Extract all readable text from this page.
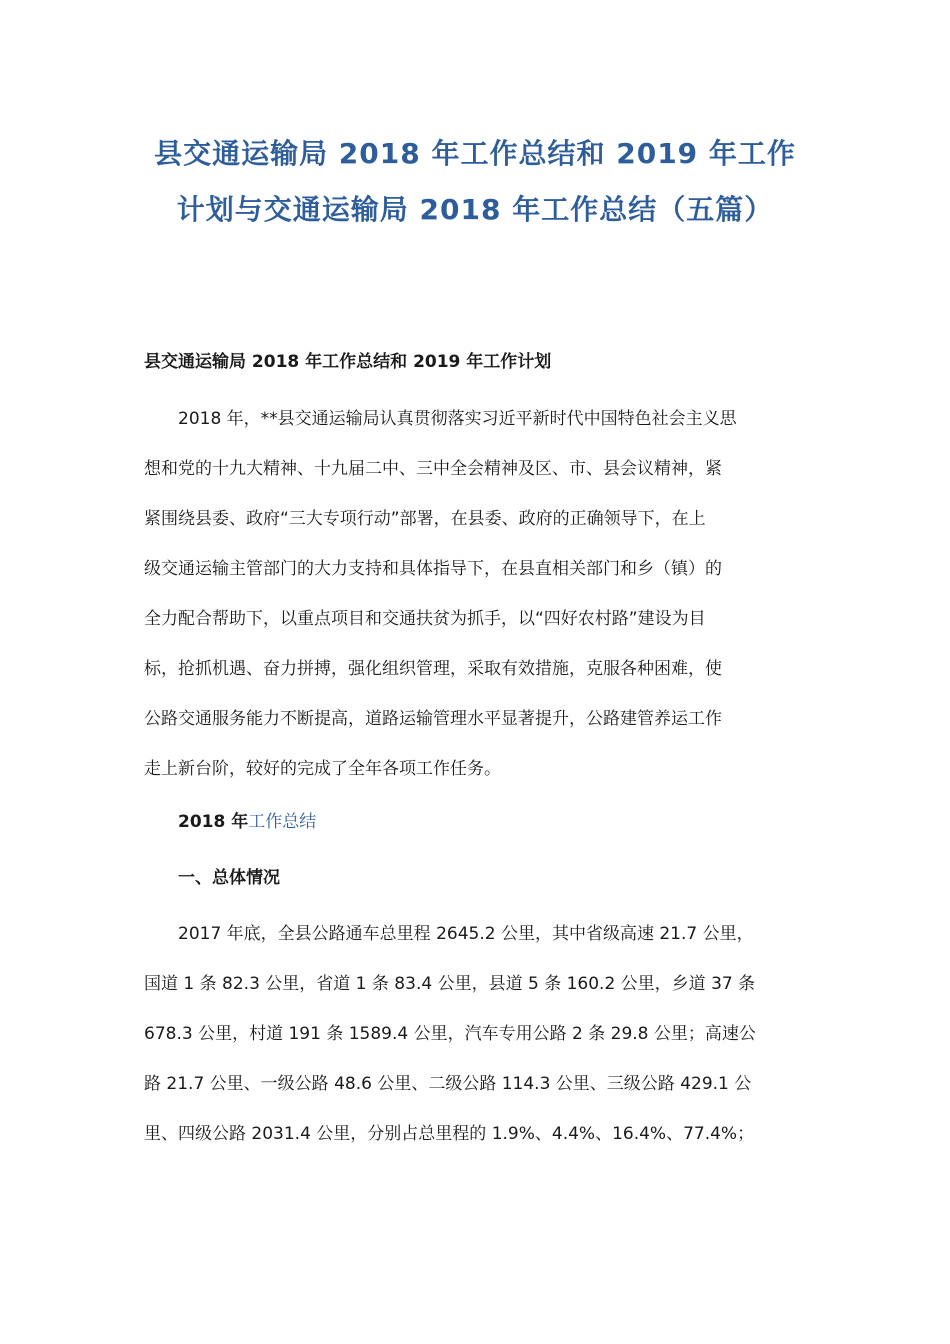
县交通运输局 2018 年工作总结和 2019 年工作
计划与交通运输局 2018 年工作总结（五篇）
县交通运输局 2018 年工作总结和 2019 年工作计划
2018 年，**县交通运输局认真贯彻落实习近平新时代中国特色社会主义思
想和党的十九大精神、十九届二中、三中全会精神及区、市、县会议精神，紧
紧围绕县委、政府“三大专项行动”部署，在县委、政府的正确领导下，在上
级交通运输主管部门的大力支持和具体指导下，在县直相关部门和乡（镇）的
全力配合帮助下，以重点项目和交通扶贫为抓手，以“四好农村路”建设为目
标，抢抓机遇、奋力拼搏，强化组织管理，采取有效措施，克服各种困难，使
公路交通服务能力不断提高，道路运输管理水平显著提升，公路建管养运工作
走上新台阶，较好的完成了全年各项工作任务。

2018 年工作总结

一、总体情况

2017 年底，全县公路通车总里程 2645.2 公里，其中省级高速 21.7 公里，
国道 1 条 82.3 公里，省道 1 条 83.4 公里，县道 5 条 160.2 公里，乡道 37 条
678.3 公里，村道 191 条 1589.4 公里，汽车专用公路 2 条 29.8 公里；高速公
路 21.7 公里、一级公路 48.6 公里、二级公路 114.3 公里、三级公路 429.1 公
里、四级公路 2031.4 公里，分别占总里程的 1.9%、4.4%、16.4%、77.4%；
